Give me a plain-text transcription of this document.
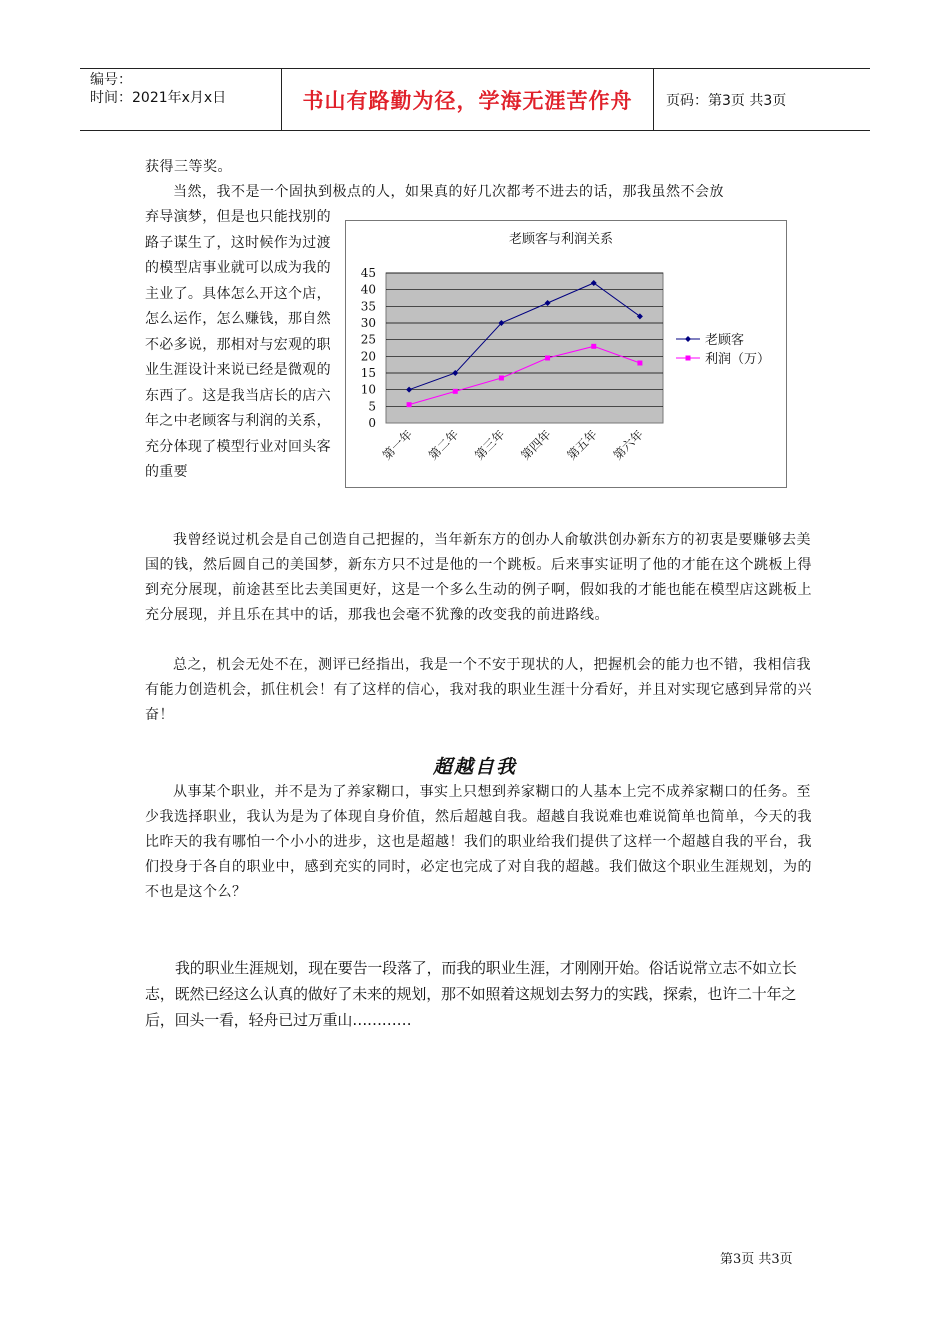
编号：
时间：2021年x月x日	书山有路勤为径，学海无涯苦作舟	页码：第3页 共3页

获得三等奖。

当然，我不是一个固执到极点的人，如果真的好几次都考不进去的话，那我虽然不会放

弃导演梦，但是也只能找别的路子谋生了，这时候作为过渡的模型店事业就可以成为我的主业了。具体怎么开这个店，怎么运作，怎么赚钱，那自然不必多说，那相对与宏观的职业生涯设计来说已经是微观的东西了。这是我当店长的店六年之中老顾客与利润的关系，充分体现了模型行业对回头客的重要

老顾客与利润关系
0
5
10
15
20
25
30
35
40
45
第一年 第二年 第三年 第四年 第五年 第六年
老顾客
利润（万）

我曾经说过机会是自己创造自己把握的，当年新东方的创办人俞敏洪创办新东方的初衷是要赚够去美国的钱，然后圆自己的美国梦，新东方只不过是他的一个跳板。后来事实证明了他的才能在这个跳板上得到充分展现，前途甚至比去美国更好，这是一个多么生动的例子啊，假如我的才能也能在模型店这跳板上充分展现，并且乐在其中的话，那我也会毫不犹豫的改变我的前进路线。

总之，机会无处不在，测评已经指出，我是一个不安于现状的人，把握机会的能力也不错，我相信我有能力创造机会，抓住机会！有了这样的信心，我对我的职业生涯十分看好，并且对实现它感到异常的兴奋！

超越自我

从事某个职业，并不是为了养家糊口，事实上只想到养家糊口的人基本上完不成养家糊口的任务。至少我选择职业，我认为是为了体现自身价值，然后超越自我。超越自我说难也难说简单也简单，今天的我比昨天的我有哪怕一个小小的进步，这也是超越！我们的职业给我们提供了这样一个超越自我的平台，我们投身于各自的职业中，感到充实的同时，必定也完成了对自我的超越。我们做这个职业生涯规划，为的不也是这个么？

我的职业生涯规划，现在要告一段落了，而我的职业生涯，才刚刚开始。俗话说常立志不如立长志，既然已经这么认真的做好了未来的规划，那不如照着这规划去努力的实践，探索，也许二十年之后，回头一看，轻舟已过万重山…………

第3页 共3页
